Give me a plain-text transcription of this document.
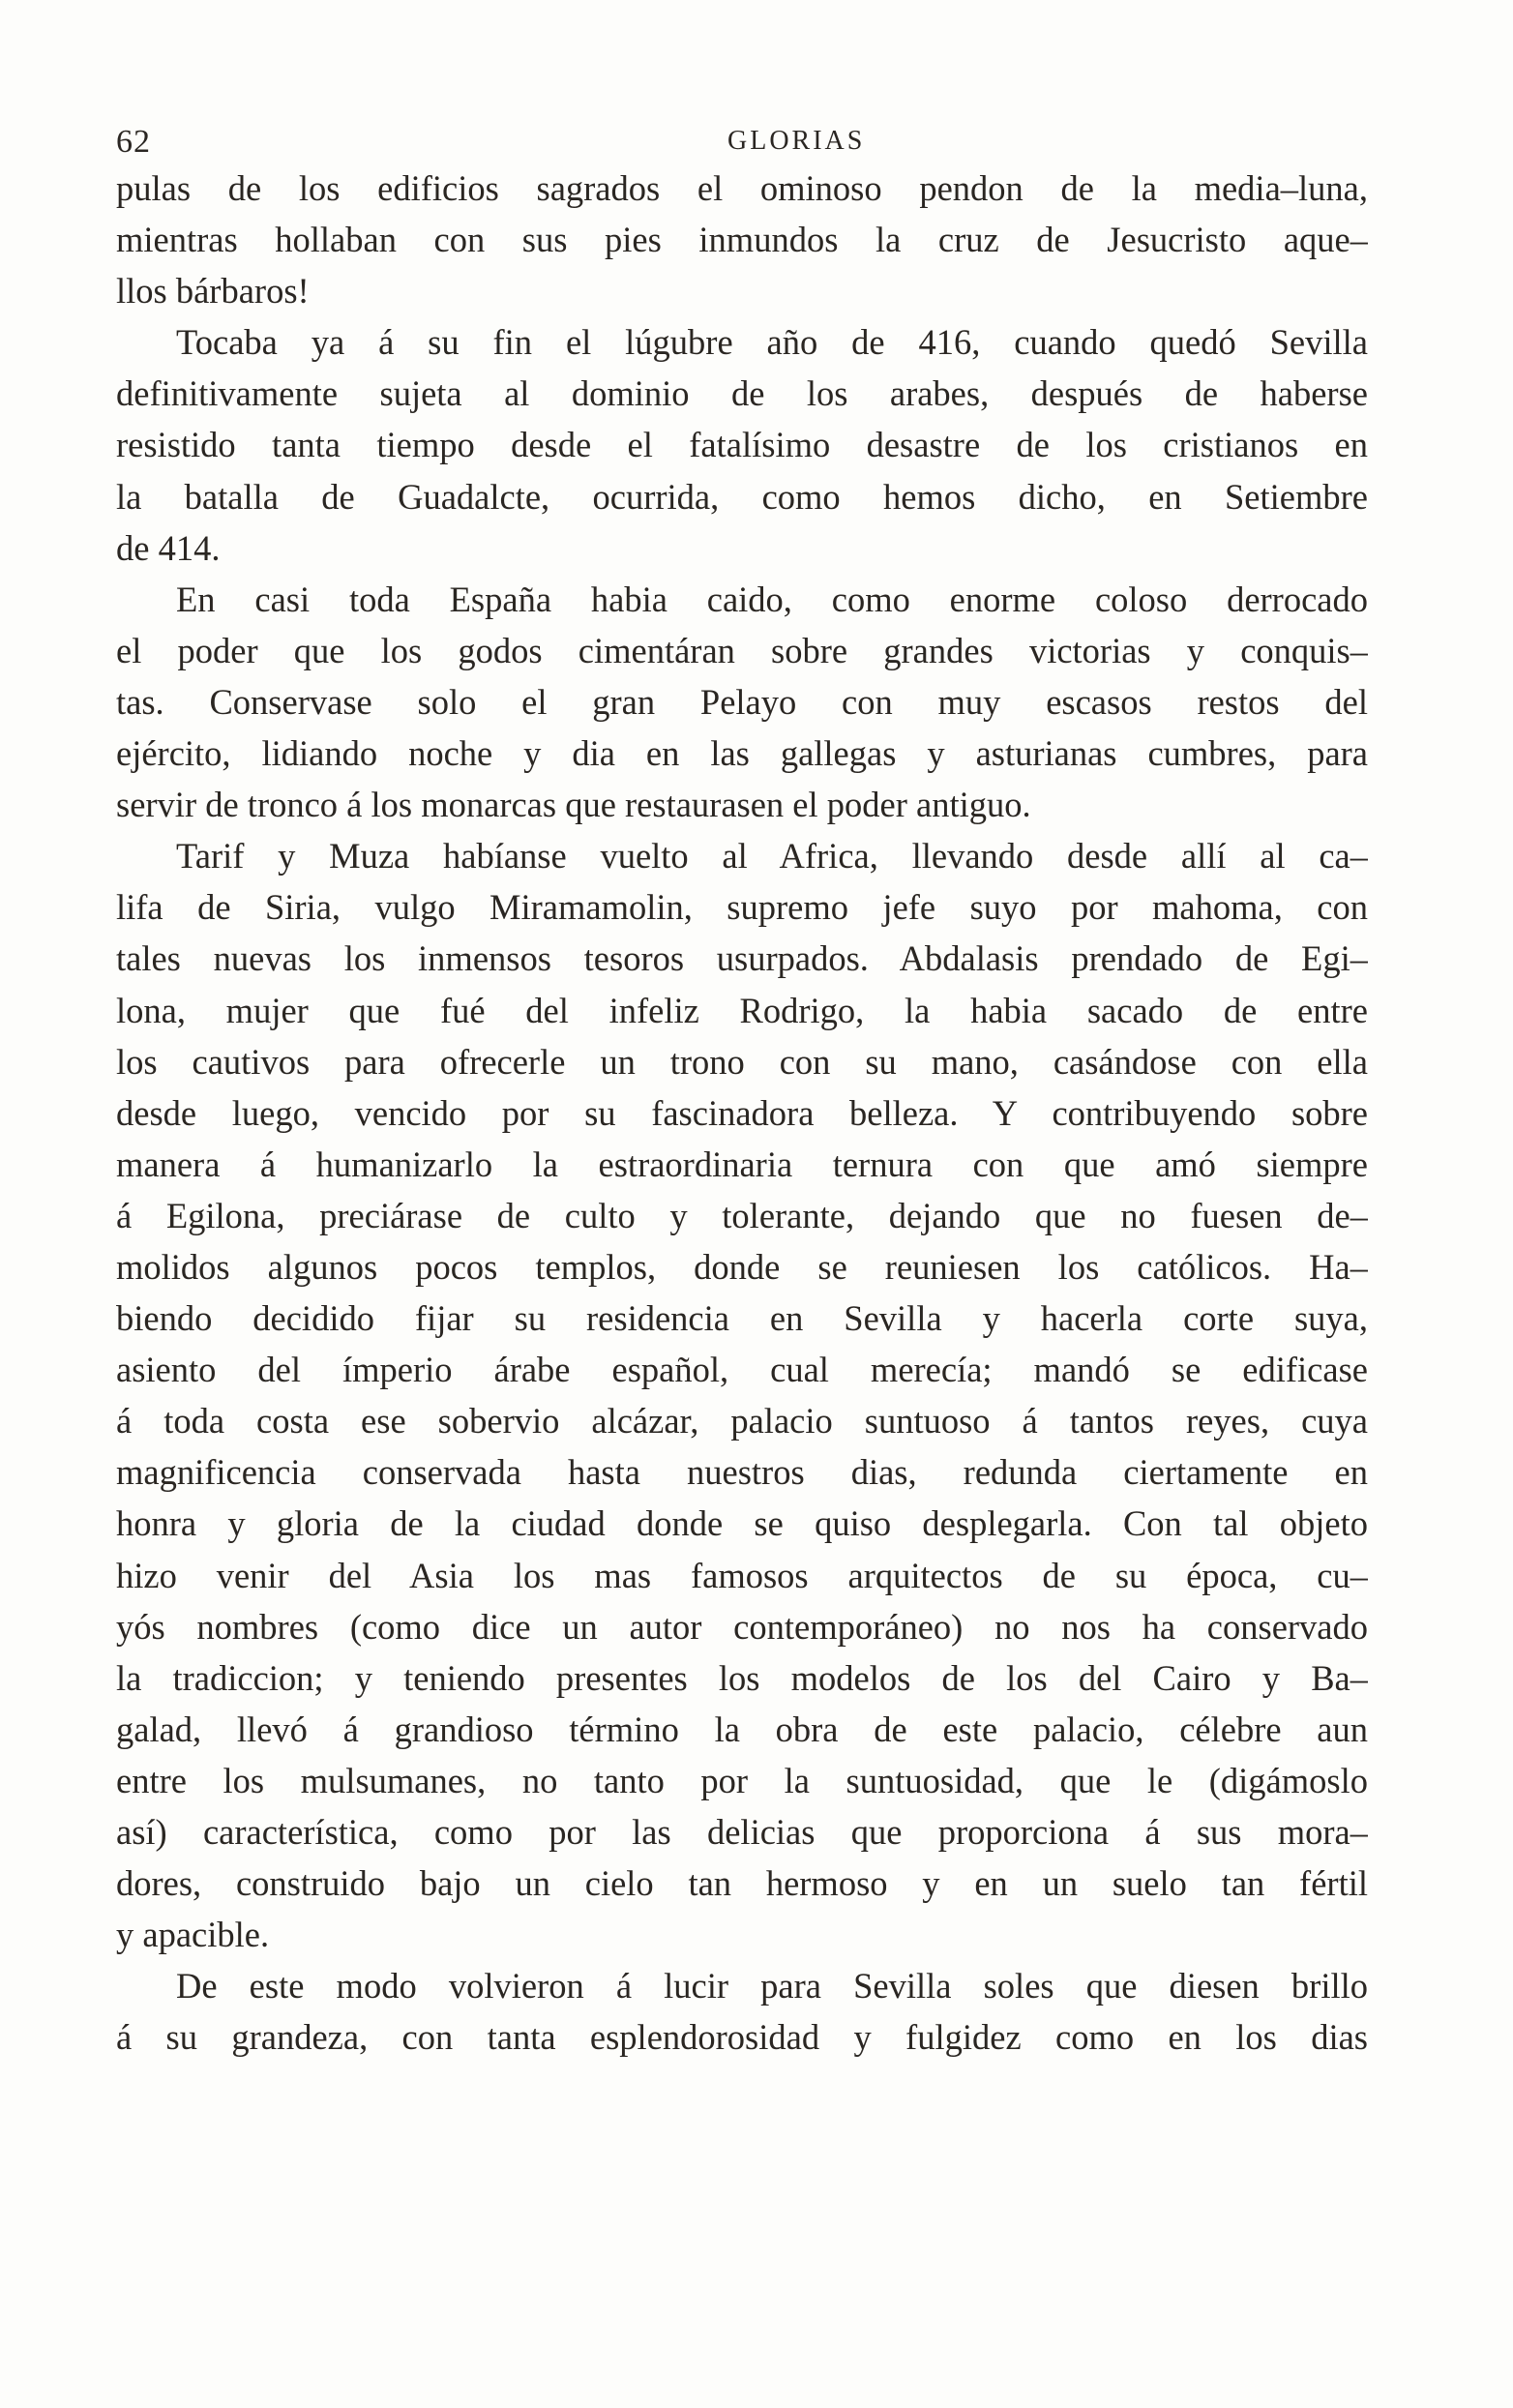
62	GLORIAS
pulas de los edificios sagrados el ominoso pendon de la media–luna,
mientras hollaban con sus pies inmundos la cruz de Jesucristo aque–
llos bárbaros!
Tocaba ya á su fin el lúgubre año de 416, cuando quedó Sevilla
definitivamente sujeta al dominio de los arabes, después de haberse
resistido tanta tiempo desde el fatalísimo desastre de los cristianos en
la batalla de Guadalcte, ocurrida, como hemos dicho, en Setiembre
de 414.
En casi toda España habia caido, como enorme coloso derrocado
el poder que los godos cimentáran sobre grandes victorias y conquis–
tas. Conservase solo el gran Pelayo con muy escasos restos del
ejército, lidiando noche y dia en las gallegas y asturianas cumbres, para
servir de tronco á los monarcas que restaurasen el poder antiguo.
Tarif y Muza habíanse vuelto al Africa, llevando desde allí al ca–
lifa de Siria, vulgo Miramamolin, supremo jefe suyo por mahoma, con
tales nuevas los inmensos tesoros usurpados. Abdalasis prendado de Egi–
lona, mujer que fué del infeliz Rodrigo, la habia sacado de entre
los cautivos para ofrecerle un trono con su mano, casándose con ella
desde luego, vencido por su fascinadora belleza. Y contribuyendo sobre
manera á humanizarlo la estraordinaria ternura con que amó siempre
á Egilona, preciárase de culto y tolerante, dejando que no fuesen de–
molidos algunos pocos templos, donde se reuniesen los católicos. Ha–
biendo decidido fijar su residencia en Sevilla y hacerla corte suya,
asiento del ímperio árabe español, cual merecía; mandó se edificase
á toda costa ese sobervio alcázar, palacio suntuoso á tantos reyes, cuya
magnificencia conservada hasta nuestros dias, redunda ciertamente en
honra y gloria de la ciudad donde se quiso desplegarla. Con tal objeto
hizo venir del Asia los mas famosos arquitectos de su época, cu–
yós nombres (como dice un autor contemporáneo) no nos ha conservado
la tradiccion; y teniendo presentes los modelos de los del Cairo y Ba–
galad, llevó á grandioso término la obra de este palacio, célebre aun
entre los mulsumanes, no tanto por la suntuosidad, que le (digámoslo
así) característica, como por las delicias que proporciona á sus mora–
dores, construido bajo un cielo tan hermoso y en un suelo tan fértil
y apacible.
De este modo volvieron á lucir para Sevilla soles que diesen brillo
á su grandeza, con tanta esplendorosidad y fulgidez como en los dias
